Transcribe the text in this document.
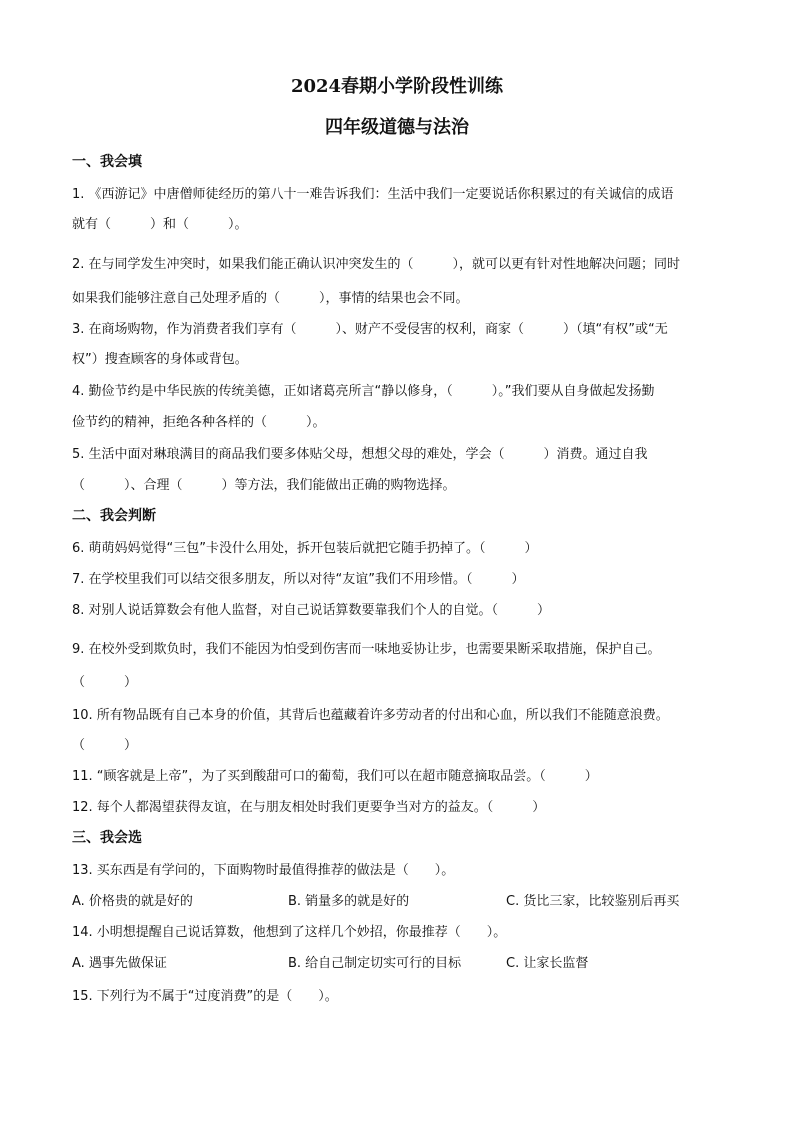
2024春期小学阶段性训练
四年级道德与法治
一、我会填
1. 《西游记》中唐僧师徒经历的第八十一难告诉我们：生活中我们一定要说话你积累过的有关诚信的成语
就有（　　　）和（　　　）。
2. 在与同学发生冲突时，如果我们能正确认识冲突发生的（　　　），就可以更有针对性地解决问题；同时
如果我们能够注意自己处理矛盾的（　　　），事情的结果也会不同。
3. 在商场购物，作为消费者我们享有（　　　）、财产不受侵害的权利，商家（　　　）（填“有权”或“无
权”）搜查顾客的身体或背包。
4. 勤俭节约是中华民族的传统美德，正如诸葛亮所言“静以修身，（　　　）。”我们要从自身做起发扬勤
俭节约的精神，拒绝各种各样的（　　　）。
5. 生活中面对琳琅满目的商品我们要多体贴父母，想想父母的难处，学会（　　　）消费。通过自我
（　　　）、合理（　　　）等方法，我们能做出正确的购物选择。
二、我会判断
6. 萌萌妈妈觉得“三包”卡没什么用处，拆开包装后就把它随手扔掉了。（　　　）
7. 在学校里我们可以结交很多朋友，所以对待“友谊”我们不用珍惜。（　　　）
8. 对别人说话算数会有他人监督，对自己说话算数要靠我们个人的自觉。（　　　）
9. 在校外受到欺负时，我们不能因为怕受到伤害而一味地妥协让步，也需要果断采取措施，保护自己。
（　　　）
10. 所有物品既有自己本身的价值，其背后也蕴藏着许多劳动者的付出和心血，所以我们不能随意浪费。
（　　　）
11. “顾客就是上帝”，为了买到酸甜可口的葡萄，我们可以在超市随意摘取品尝。（　　　）
12. 每个人都渴望获得友谊，在与朋友相处时我们更要争当对方的益友。（　　　）
三、我会选
13. 买东西是有学问的，下面购物时最值得推荐的做法是（　　）。
A. 价格贵的就是好的	B. 销量多的就是好的	C. 货比三家，比较鉴别后再买
14. 小明想提醒自己说话算数，他想到了这样几个妙招，你最推荐（　　）。
A. 遇事先做保证	B. 给自己制定切实可行的目标	C. 让家长监督
15. 下列行为不属于“过度消费”的是（　　）。
